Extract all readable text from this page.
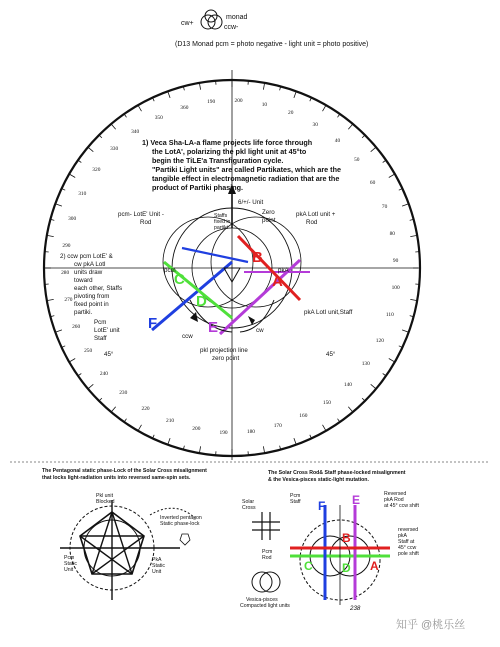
cw+
monad
ccw-
(D13 Monad pcm = photo negative - light unit = photo positive)
1) Veca Sha-LA-a flame projects life force through
the LotA', polarizing the pkl light unit at 45°to
begin the TiLE'a Transfiguration cycle.
"Partiki Light units" are called Partikates, which are the
tangible effect in electromagnetic radiation that are the
product of Partiki phasing.
2) ccw pcm LotE' &
cw pkA LotI
units draw
toward
each other, Staffs
pivoting from
fixed point in
partiki.
6/+/- Unit
pcm- LotE' Unit -
Rod
Staffs
fixed in
partiki
Zero
point
pkA LotI unit +
Rod
pcm	pkA
ccw
cw
Pcm
LotE' unit
Staff
pkA LotI unit,Staff
45°	45°
pkl projection line
zero point
B
A
C
D
E
F
190	200
10
20
30
40
50
60
70
80
90
100
110
120
130
140
150
160
170
180
190
200
210
220
230
240
250
260
270
280
290
300
310
320
330
340
350
360
The Pentagonal static phase-Lock of the Solar Cross misalignment
that locks light-radiation units into reversed same-spin sets.
Pkl unit
Blocked
Inverted pentagon
Static phase-lock
Pcm
Static
Unit
PkA
Static
Unit
The Solar Cross Rod& Staff phase-locked misalignment
& the Vesica-pisces static-light mutation.
Solar
Cross
Pcm
Staff
Reversed
pkA Rod
at 45° ccw shift
reversed
pkA
Staff at
45° ccw
pole shift
Pcm
Rod
Vesica-pisces
Compacted light units	238
F E
B
C D A
知乎 @桃乐丝
